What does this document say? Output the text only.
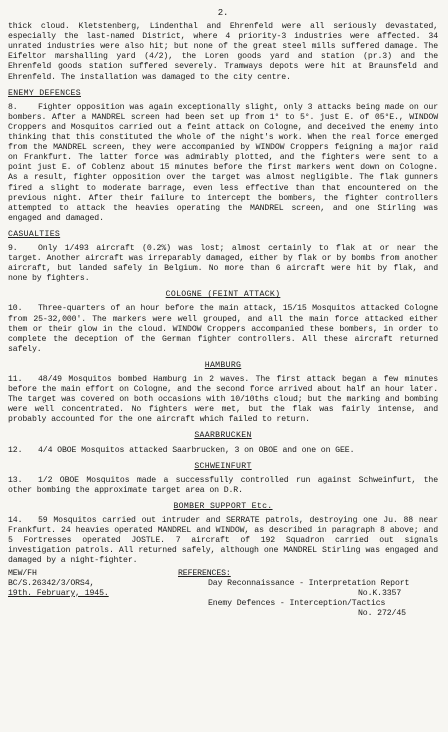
2.

thick cloud. Kletstenberg, Lindenthal and Ehrenfeld were all seriously devastated, especially the last-named District, where 4 priority-3 industries were affected. 34 unrated industries were also hit; but none of the great steel mills suffered damage. The Eifeltor marshalling yard (4/2), the Loren goods yard and station (pr.3) and the Ehrenfeld goods station suffered severely. Tramways depots were hit at Braunsfeld and Ehrenfeld. The installation was damaged to the city centre.

ENEMY DEFENCES

8. Fighter opposition was again exceptionally slight, only 3 attacks being made on our bombers. After a MANDREL screen had been set up from 1° to 5°. just E. of 05°E., WINDOW Croppers and Mosquitos carried out a feint attack on Cologne, and deceived the enemy into thinking that this constituted the whole of the night's work. When the real force emerged from the MANDREL screen, they were accompanied by WINDOW Croppers feigning a major raid on Frankfurt. The latter force was admirably plotted, and the fighters were sent to a point just E. of Coblenz about 15 minutes before the first markers went down on Cologne. As a result, fighter opposition over the target was almost negligible. The flak gunners fired a slight to moderate barrage, even less effective than that encountered on the previous night. After their failure to intercept the bombers, the fighter controllers attempted to attack the heavies operating the MANDREL screen, and one Stirling was engaged and damaged.

CASUALTIES

9. Only 1/493 aircraft (0.2%) was lost; almost certainly to flak at or near the target. Another aircraft was irreparably damaged, either by flak or by bombs from another aircraft, but landed safely in Belgium. No more than 6 aircraft were hit by flak, and none by fighters.

COLOGNE (FEINT ATTACK)

10. Three-quarters of an hour before the main attack, 15/15 Mosquitos attacked Cologne from 25-32,000'. The markers were well grouped, and all the main force attacked either them or their glow in the cloud. WINDOW Croppers accompanied these bombers, in order to complete the deception of the German fighter controllers. All these aircraft returned safely.

HAMBURG

11. 48/49 Mosquitos bombed Hamburg in 2 waves. The first attack began a few minutes before the main effort on Cologne, and the second force arrived about half an hour later. The target was covered on both occasions with 10/10ths cloud; but the marking and bombing were well concentrated. No fighters were met, but the flak was fairly intense, and probably accounted for the one aircraft which failed to return.

SAARBRUCKEN

12. 4/4 OBOE Mosquitos attacked Saarbrucken, 3 on OBOE and one on GEE.

SCHWEINFURT

13. 1/2 OBOE Mosquitos made a successfully controlled run against Schweinfurt, the other bombing the approximate target area on D.R.

BOMBER SUPPORT Etc.

14. 59 Mosquitos carried out intruder and SERRATE patrols, destroying one Ju. 88 near Frankfurt. 24 heavies operated MANDREL and WINDOW, as described in paragraph 8 above; and 5 Fortresses operated JOSTLE. 7 aircraft of 192 Squadron carried out signals investigation patrols. All returned safely, although one MANDREL Stirling was engaged and damaged by a night-fighter.

MEW/FH
BC/S.26342/3/ORS4,
19th. February, 1945.
REFERENCES:
Day Reconnaissance - Interpretation Report
No.K.3357
Enemy Defences - Interception/Tactics
No. 272/45
